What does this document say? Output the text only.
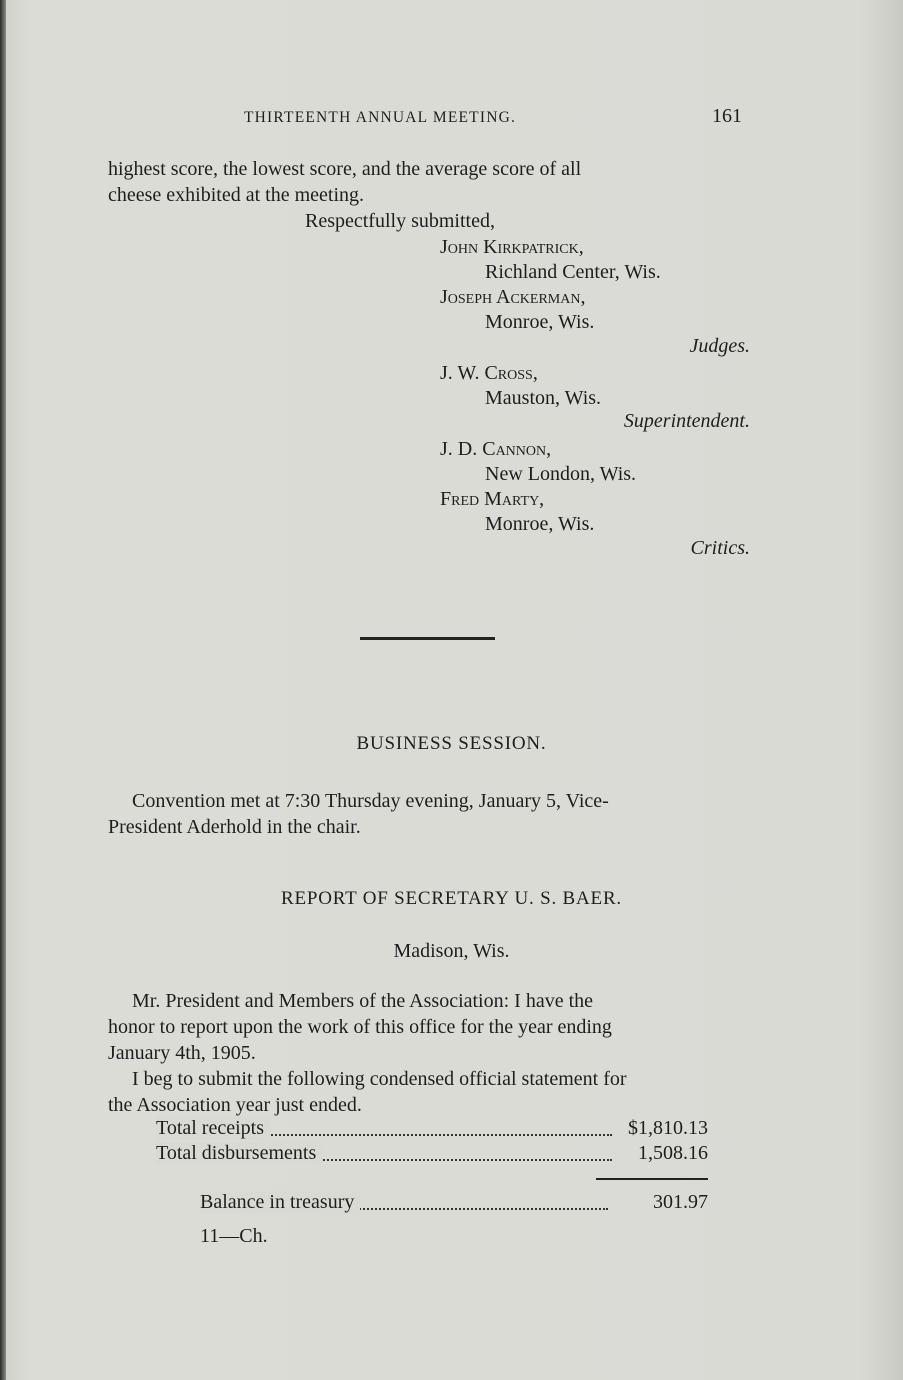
THIRTEENTH ANNUAL MEETING.	161
highest score, the lowest score, and the average score of all
cheese exhibited at the meeting.
Respectfully submitted,
John Kirkpatrick,
Richland Center, Wis.
Joseph Ackerman,
Monroe, Wis.
Judges.
J. W. Cross,
Mauston, Wis.
Superintendent.
J. D. Cannon,
New London, Wis.
Fred Marty,
Monroe, Wis.
Critics.
BUSINESS SESSION.
Convention met at 7:30 Thursday evening, January 5, Vice-
President Aderhold in the chair.
REPORT OF SECRETARY U. S. BAER.
Madison, Wis.
Mr. President and Members of the Association: I have the
honor to report upon the work of this office for the year ending
January 4th, 1905.
I beg to submit the following condensed official statement for
the Association year just ended.
Total receipts	$1,810.13
Total disbursements	1,508.16
Balance in treasury	301.97
11—Ch.
